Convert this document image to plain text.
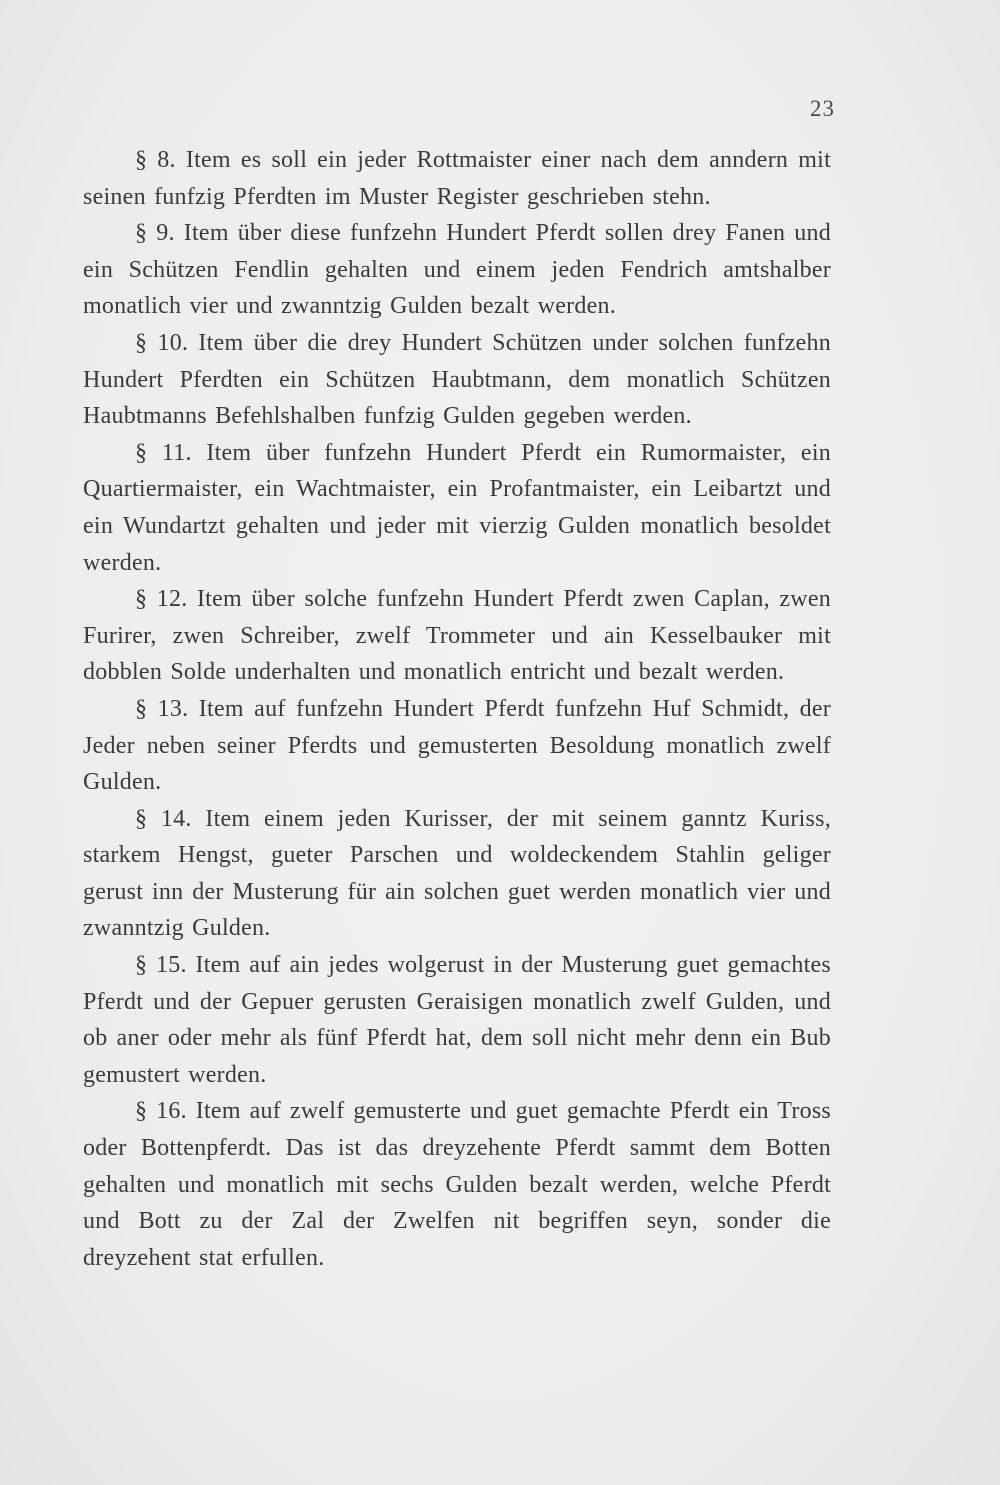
23

§ 8. Item es soll ein jeder Rottmaister einer nach dem anndern mit seinen funfzig Pferdten im Muster Register geschrieben stehn.

§ 9. Item über diese funfzehn Hundert Pferdt sollen drey Fanen und ein Schützen Fendlin gehalten und einem jeden Fendrich amtshalber monatlich vier und zwanntzig Gulden bezalt werden.

§ 10. Item über die drey Hundert Schützen under solchen funfzehn Hundert Pferdten ein Schützen Haubtmann, dem monatlich Schützen Haubtmanns Befehlshalben funfzig Gulden gegeben werden.

§ 11. Item über funfzehn Hundert Pferdt ein Rumormaister, ein Quartiermaister, ein Wachtmaister, ein Profantmaister, ein Leibartzt und ein Wundartzt gehalten und jeder mit vierzig Gulden monatlich besoldet werden.

§ 12. Item über solche funfzehn Hundert Pferdt zwen Caplan, zwen Furirer, zwen Schreiber, zwelf Trommeter und ain Kesselbauker mit dobblen Solde underhalten und monatlich entricht und bezalt werden.

§ 13. Item auf funfzehn Hundert Pferdt funfzehn Huf Schmidt, der Jeder neben seiner Pferdts und gemusterten Besoldung monatlich zwelf Gulden.

§ 14. Item einem jeden Kurisser, der mit seinem ganntz Kuriss, starkem Hengst, gueter Parschen und woldeckendem Stahlin geliger gerust inn der Musterung für ain solchen guet werden monatlich vier und zwanntzig Gulden.

§ 15. Item auf ain jedes wolgerust in der Musterung guet gemachtes Pferdt und der Gepuer gerusten Geraisigen monatlich zwelf Gulden, und ob aner oder mehr als fünf Pferdt hat, dem soll nicht mehr denn ein Bub gemustert werden.

§ 16. Item auf zwelf gemusterte und guet gemachte Pferdt ein Tross oder Bottenpferdt. Das ist das dreyzehente Pferdt sammt dem Botten gehalten und monatlich mit sechs Gulden bezalt werden, welche Pferdt und Bott zu der Zal der Zwelfen nit begriffen seyn, sonder die dreyzehent stat erfullen.
